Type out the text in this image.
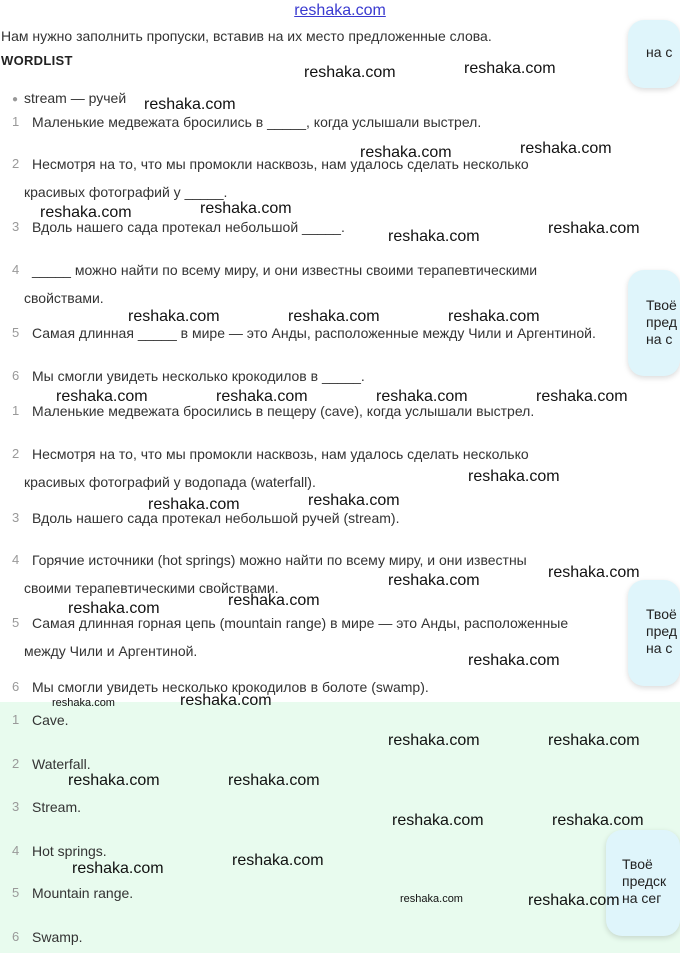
reshaka.com
Нам нужно заполнить пропуски, вставив на их место предложенные слова.
WORDLIST
● stream — ручей
1 Маленькие медвежата бросились в _____, когда услышали выстрел.
2 Несмотря на то, что мы промокли насквозь, нам удалось сделать несколько
красивых фотографий у _____.
3 Вдоль нашего сада протекал небольшой _____.
4 _____ можно найти по всему миру, и они известны своими терапевтическими
свойствами.
5 Самая длинная _____ в мире — это Анды, расположенные между Чили и Аргентиной.
6 Мы смогли увидеть несколько крокодилов в _____.
1 Маленькие медвежата бросились в пещеру (cave), когда услышали выстрел.
2 Несмотря на то, что мы промокли насквозь, нам удалось сделать несколько
красивых фотографий у водопада (waterfall).
3 Вдоль нашего сада протекал небольшой ручей (stream).
4 Горячие источники (hot springs) можно найти по всему миру, и они известны
своими терапевтическими свойствами.
5 Самая длинная горная цепь (mountain range) в мире — это Анды, расположенные
между Чили и Аргентиной.
6 Мы смогли увидеть несколько крокодилов в болоте (swamp).
1 Cave.
2 Waterfall.
3 Stream.
4 Hot springs.
5 Mountain range.
6 Swamp.
на с
Твоё
пред
на с
Твоё
пред
на с
Твоё
предск
на сег
reshaka.com	reshaka.com
reshaka.com
reshaka.com	reshaka.com
reshaka.com	reshaka.com
reshaka.com	reshaka.com
reshaka.com	reshaka.com	reshaka.com
reshaka.com	reshaka.com	reshaka.com	reshaka.com
reshaka.com
reshaka.com	reshaka.com
reshaka.com	reshaka.com
reshaka.com	reshaka.com
reshaka.com
reshaka.com	reshaka.com
reshaka.com	reshaka.com
reshaka.com	reshaka.com
reshaka.com	reshaka.com
reshaka.com	reshaka.com
reshaka.com	reshaka.com
